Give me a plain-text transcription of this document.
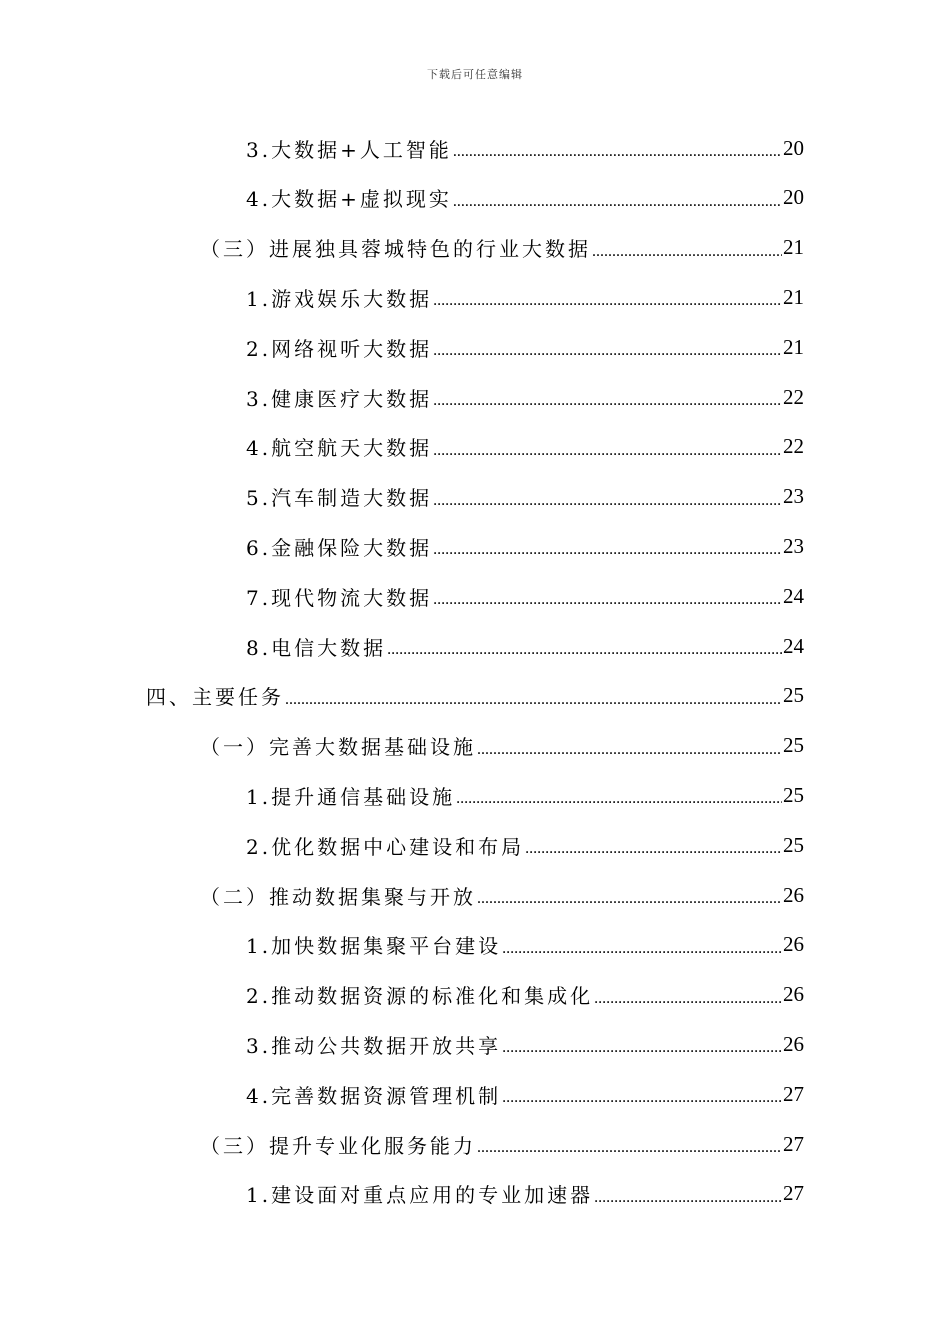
下载后可任意编辑
3.大数据+人工智能 .....	20
4.大数据+虚拟现实 .....	20
（三）进展独具蓉城特色的行业大数据 .....	21
1.游戏娱乐大数据 .....	21
2.网络视听大数据 .....	21
3.健康医疗大数据 .....	22
4.航空航天大数据 .....	22
5.汽车制造大数据 .....	23
6.金融保险大数据 .....	23
7.现代物流大数据 .....	24
8.电信大数据 .....	24
四、主要任务 .....	25
（一）完善大数据基础设施 .....	25
1.提升通信基础设施 .....	25
2.优化数据中心建设和布局 .....	25
（二）推动数据集聚与开放 .....	26
1.加快数据集聚平台建设 .....	26
2.推动数据资源的标准化和集成化 .....	26
3.推动公共数据开放共享 .....	26
4.完善数据资源管理机制 .....	27
（三）提升专业化服务能力 .....	27
1.建设面对重点应用的专业加速器 .....	27
